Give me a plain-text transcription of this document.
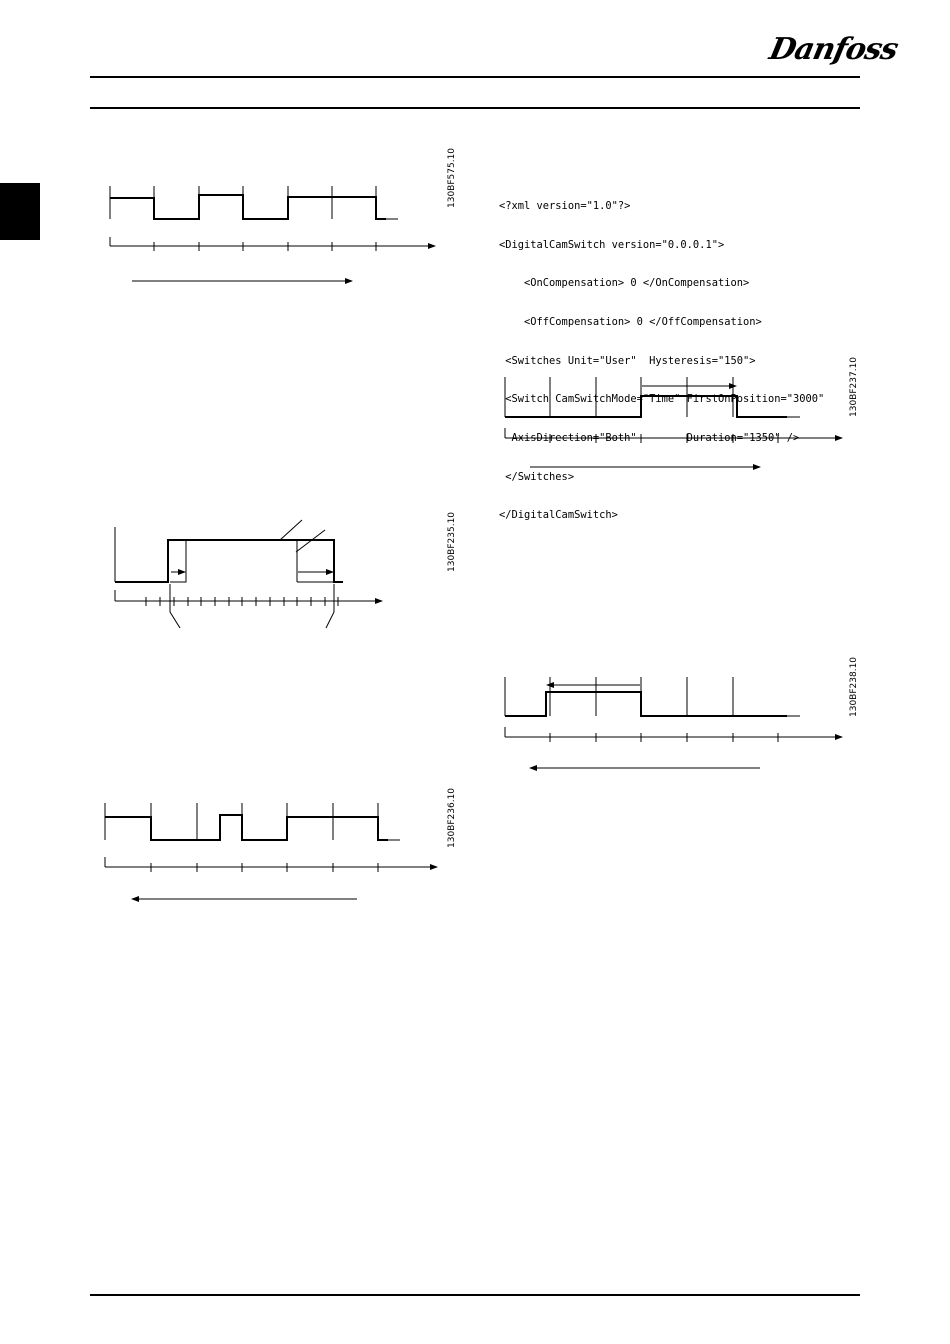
Danfoss
130BF575.10
130BF235.10
130BF236.10
130BF237.10
130BF238.10

<?xml version="1.0"?>

<DigitalCamSwitch version="0.0.0.1">

<OnCompensation> 0 </OnCompensation>

<OffCompensation> 0 </OffCompensation>

<Switches Unit="User"  Hysteresis="150">

<Switch CamSwitchMode="Time" FirstOnPosition="3000"

AxisDirection="Both"        Duration="1350" />

</Switches>

</DigitalCamSwitch>
